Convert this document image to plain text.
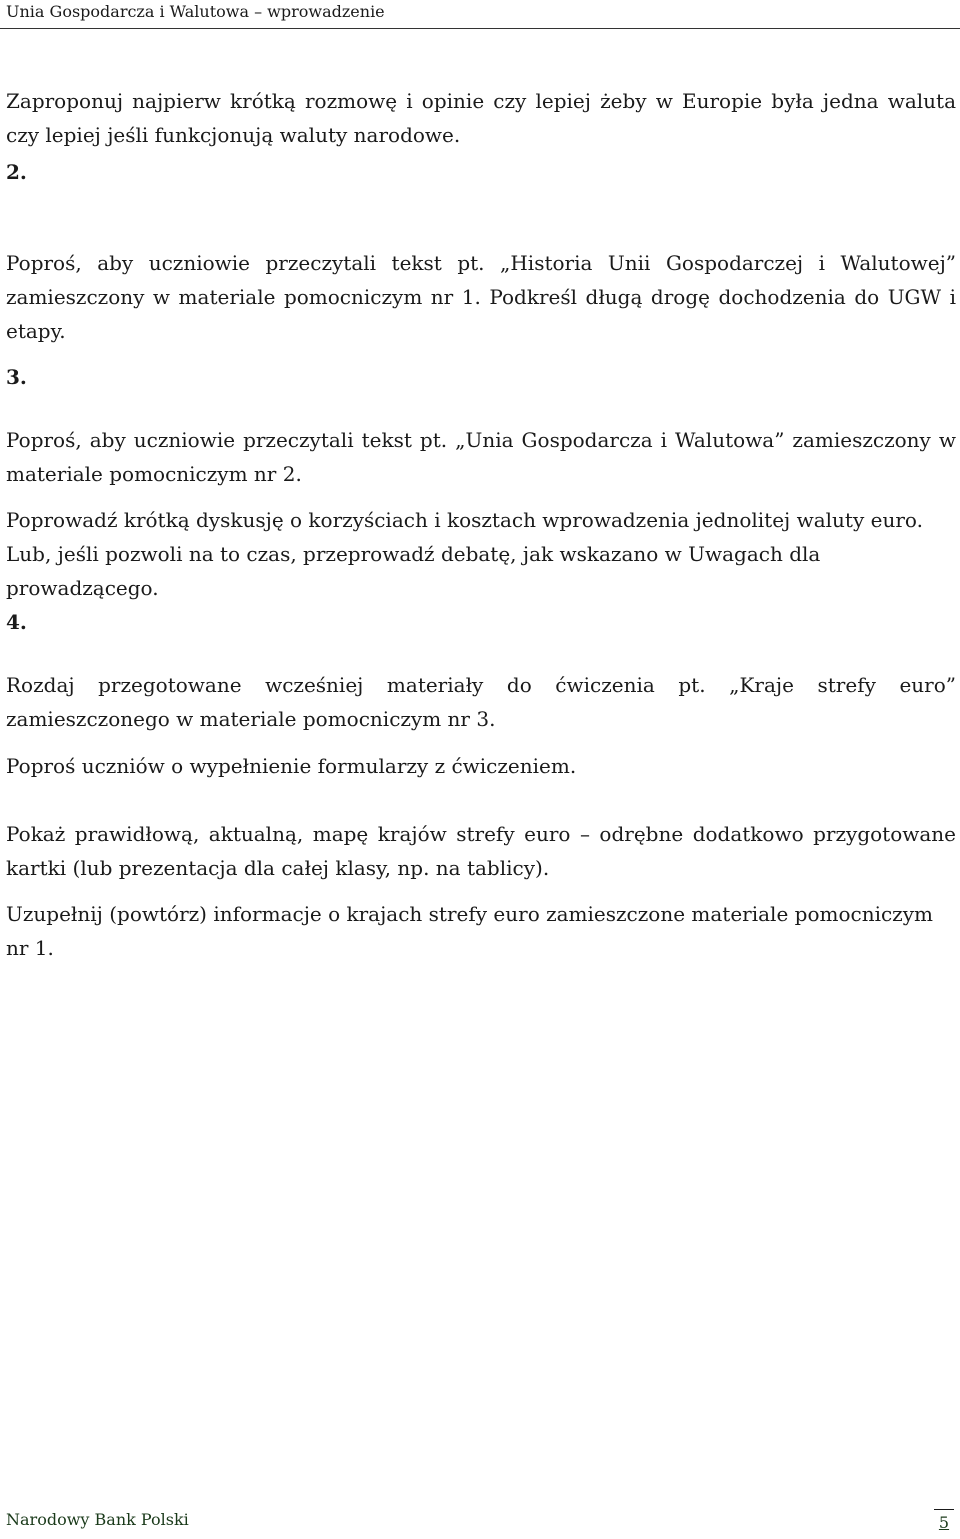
Unia Gospodarcza i Walutowa – wprowadzenie

Zaproponuj najpierw krótką rozmowę i opinie czy lepiej żeby w Europie była jedna waluta czy lepiej jeśli funkcjonują waluty narodowe.

2.

Poproś, aby uczniowie przeczytali tekst pt. „Historia Unii Gospodarczej i Walutowej” zamieszczony w materiale pomocniczym nr 1. Podkreśl długą drogę dochodzenia do UGW i etapy.

3.

Poproś, aby uczniowie przeczytali tekst pt. „Unia Gospodarcza i Walutowa” zamieszczony w materiale pomocniczym nr 2.

Poprowadź krótką dyskusję o korzyściach i kosztach wprowadzenia jednolitej waluty euro. Lub, jeśli pozwoli na to czas, przeprowadź debatę, jak wskazano w Uwagach dla prowadzącego.

4.

Rozdaj przegotowane wcześniej materiały do ćwiczenia pt. „Kraje strefy euro” zamieszczonego w materiale pomocniczym nr 3.

Poproś uczniów o wypełnienie formularzy z ćwiczeniem.

Pokaż prawidłową, aktualną, mapę krajów strefy euro – odrębne dodatkowo przygotowane kartki (lub prezentacja dla całej klasy, np. na tablicy).

Uzupełnij (powtórz) informacje o krajach strefy euro zamieszczone materiale pomocniczym nr 1.

Narodowy Bank Polski	5
